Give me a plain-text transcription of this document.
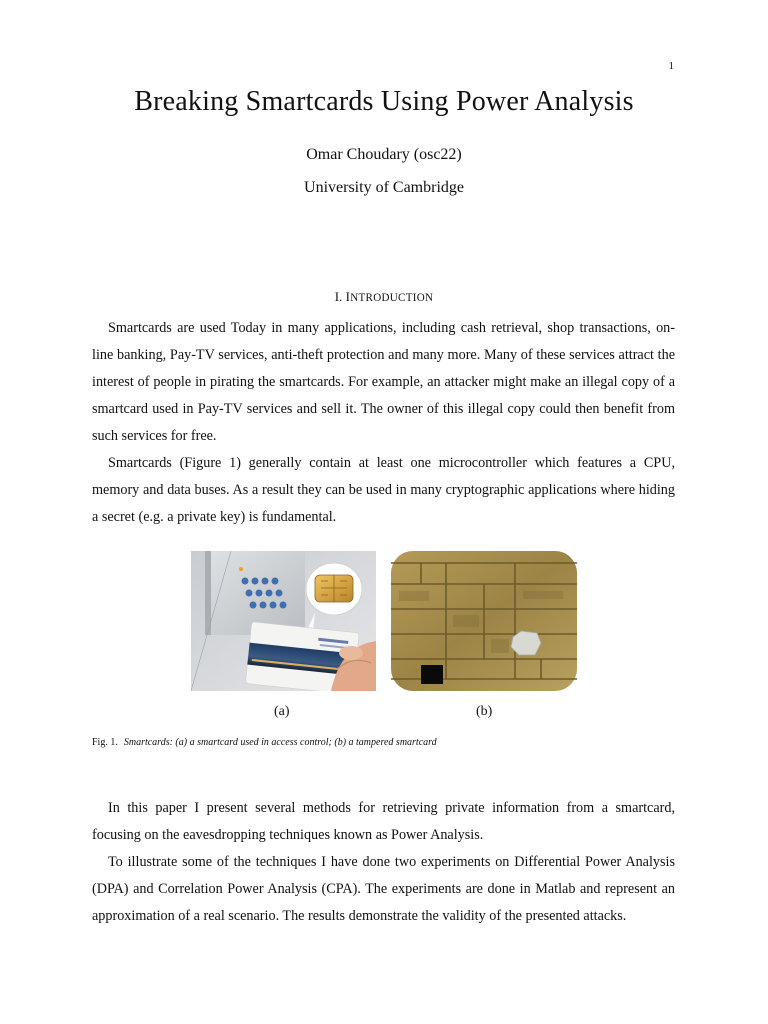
1
Breaking Smartcards Using Power Analysis
Omar Choudary (osc22)
University of Cambridge
I. INTRODUCTION

Smartcards are used Today in many applications, including cash retrieval, shop transactions, on-line banking, Pay-TV services, anti-theft protection and many more. Many of these services attract the interest of people in pirating the smartcards. For example, an attacker might make an illegal copy of a smartcard used in Pay-TV services and sell it. The owner of this illegal copy could then benefit from such services for free.

Smartcards (Figure 1) generally contain at least one microcontroller which features a CPU, memory and data buses. As a result they can be used in many cryptographic applications where hiding a secret (e.g. a private key) is fundamental.

(a)	(b)
Fig. 1. Smartcards: (a) a smartcard used in access control; (b) a tampered smartcard

In this paper I present several methods for retrieving private information from a smartcard, focusing on the eavesdropping techniques known as Power Analysis.

To illustrate some of the techniques I have done two experiments on Differential Power Analysis (DPA) and Correlation Power Analysis (CPA). The experiments are done in Matlab and represent an approximation of a real scenario. The results demonstrate the validity of the presented attacks.
